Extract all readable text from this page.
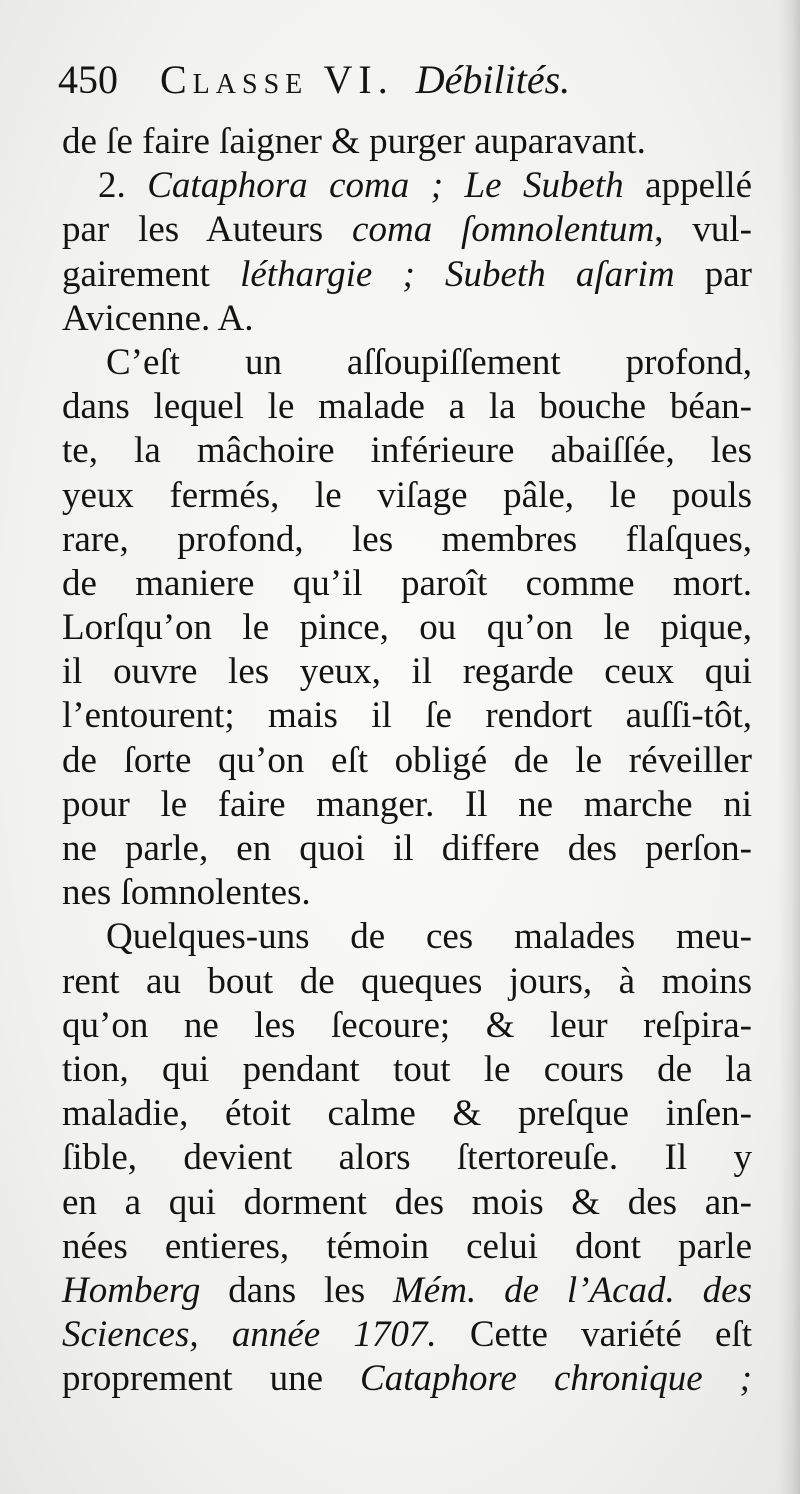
450 Classe VI. Débilités.
de ſe faire ſaigner & purger auparavant.
2. Cataphora coma ; Le Subeth appellé
par les Auteurs coma ſomnolentum, vul-
gairement léthargie ; Subeth aſarim par
Avicenne. A.
C’eſt un aſſoupiſſement profond,
dans lequel le malade a la bouche béan-
te, la mâchoire inférieure abaiſſée, les
yeux fermés, le viſage pâle, le pouls
rare, profond, les membres flaſques,
de maniere qu’il paroît comme mort.
Lorſqu’on le pince, ou qu’on le pique,
il ouvre les yeux, il regarde ceux qui
l’entourent; mais il ſe rendort auſſi-tôt,
de ſorte qu’on eſt obligé de le réveiller
pour le faire manger. Il ne marche ni
ne parle, en quoi il differe des perſon-
nes ſomnolentes.
Quelques-uns de ces malades meu-
rent au bout de queques jours, à moins
qu’on ne les ſecoure; & leur reſpira-
tion, qui pendant tout le cours de la
maladie, étoit calme & preſque inſen-
ſible, devient alors ſtertoreuſe. Il y
en a qui dorment des mois & des an-
nées entieres, témoin celui dont parle
Homberg dans les Mém. de l’Acad. des
Sciences, année 1707. Cette variété eſt
proprement une Cataphore chronique ;
